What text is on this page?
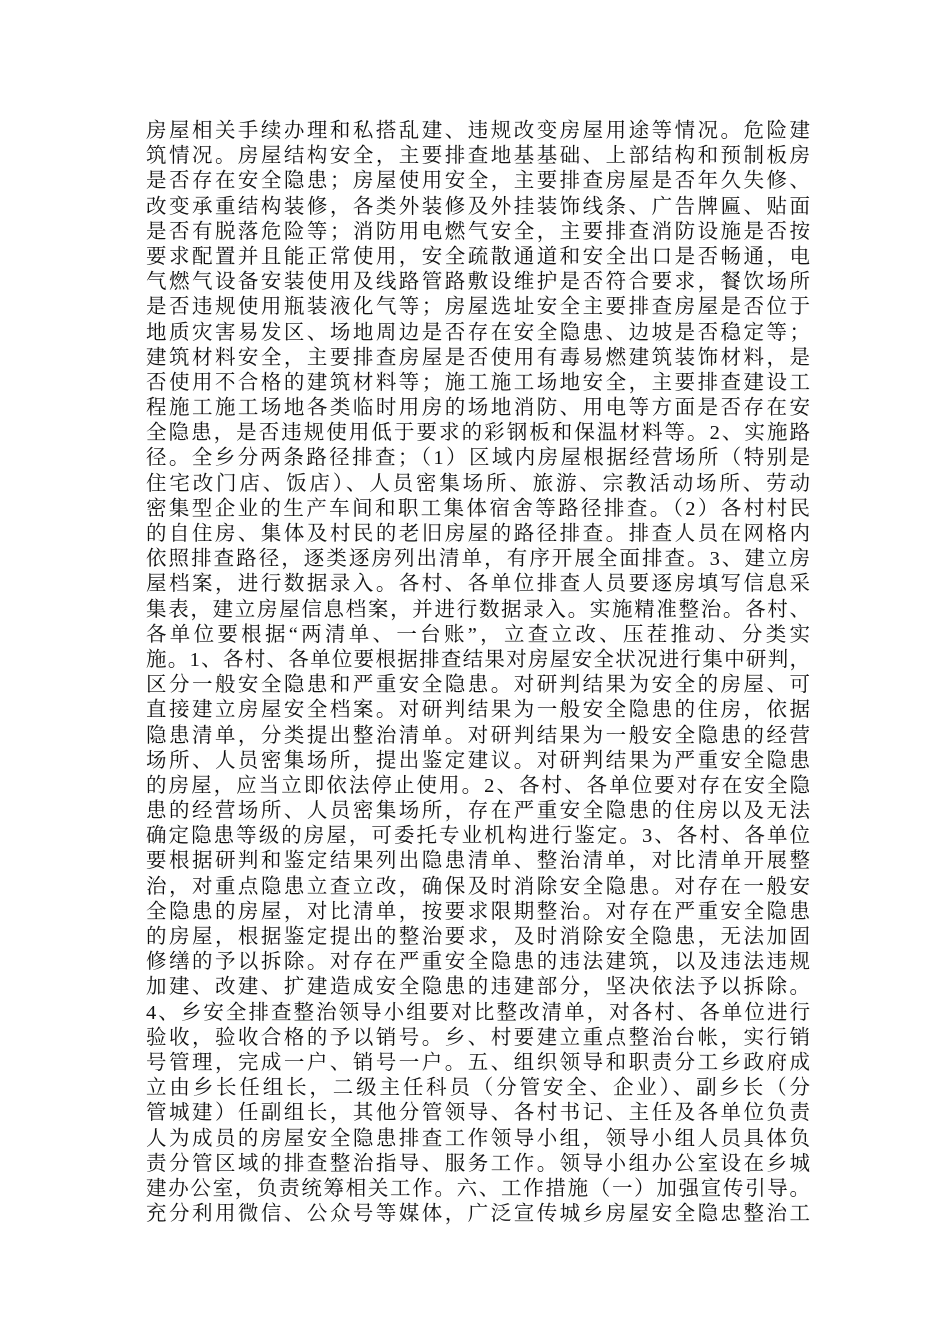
房屋相关手续办理和私搭乱建、违规改变房屋用途等情况。危险建
筑情况。房屋结构安全，主要排查地基基础、上部结构和预制板房
是否存在安全隐患；房屋使用安全，主要排查房屋是否年久失修、
改变承重结构装修，各类外装修及外挂装饰线条、广告牌匾、贴面
是否有脱落危险等；消防用电燃气安全，主要排查消防设施是否按
要求配置并且能正常使用，安全疏散通道和安全出口是否畅通，电
气燃气设备安装使用及线路管路敷设维护是否符合要求，餐饮场所
是否违规使用瓶装液化气等；房屋选址安全主要排查房屋是否位于
地质灾害易发区、场地周边是否存在安全隐患、边坡是否稳定等；
建筑材料安全，主要排查房屋是否使用有毒易燃建筑装饰材料，是
否使用不合格的建筑材料等；施工施工场地安全，主要排查建设工
程施工施工场地各类临时用房的场地消防、用电等方面是否存在安
全隐患，是否违规使用低于要求的彩钢板和保温材料等。2、实施路
径。全乡分两条路径排查；（1）区域内房屋根据经营场所（特别是
住宅改门店、饭店）、人员密集场所、旅游、宗教活动场所、劳动
密集型企业的生产车间和职工集体宿舍等路径排查。（2）各村村民
的自住房、集体及村民的老旧房屋的路径排查。排查人员在网格内
依照排查路径，逐类逐房列出清单，有序开展全面排查。3、建立房
屋档案，进行数据录入。各村、各单位排查人员要逐房填写信息采
集表，建立房屋信息档案，并进行数据录入。实施精准整治。各村、
各单位要根据“两清单、一台账”，立查立改、压茬推动、分类实
施。1、各村、各单位要根据排查结果对房屋安全状况进行集中研判，
区分一般安全隐患和严重安全隐患。对研判结果为安全的房屋、可
直接建立房屋安全档案。对研判结果为一般安全隐患的住房，依据
隐患清单，分类提出整治清单。对研判结果为一般安全隐患的经营
场所、人员密集场所，提出鉴定建议。对研判结果为严重安全隐患
的房屋，应当立即依法停止使用。2、各村、各单位要对存在安全隐
患的经营场所、人员密集场所，存在严重安全隐患的住房以及无法
确定隐患等级的房屋，可委托专业机构进行鉴定。3、各村、各单位
要根据研判和鉴定结果列出隐患清单、整治清单，对比清单开展整
治，对重点隐患立查立改，确保及时消除安全隐患。对存在一般安
全隐患的房屋，对比清单，按要求限期整治。对存在严重安全隐患
的房屋，根据鉴定提出的整治要求，及时消除安全隐患，无法加固
修缮的予以拆除。对存在严重安全隐患的违法建筑，以及违法违规
加建、改建、扩建造成安全隐患的违建部分，坚决依法予以拆除。
4、乡安全排查整治领导小组要对比整改清单，对各村、各单位进行
验收，验收合格的予以销号。乡、村要建立重点整治台帐，实行销
号管理，完成一户、销号一户。五、组织领导和职责分工乡政府成
立由乡长任组长，二级主任科员（分管安全、企业）、副乡长（分
管城建）任副组长，其他分管领导、各村书记、主任及各单位负责
人为成员的房屋安全隐患排查工作领导小组，领导小组人员具体负
责分管区域的排查整治指导、服务工作。领导小组办公室设在乡城
建办公室，负责统筹相关工作。六、工作措施（一）加强宣传引导。
充分利用微信、公众号等媒体，广泛宣传城乡房屋安全隐忠整治工
